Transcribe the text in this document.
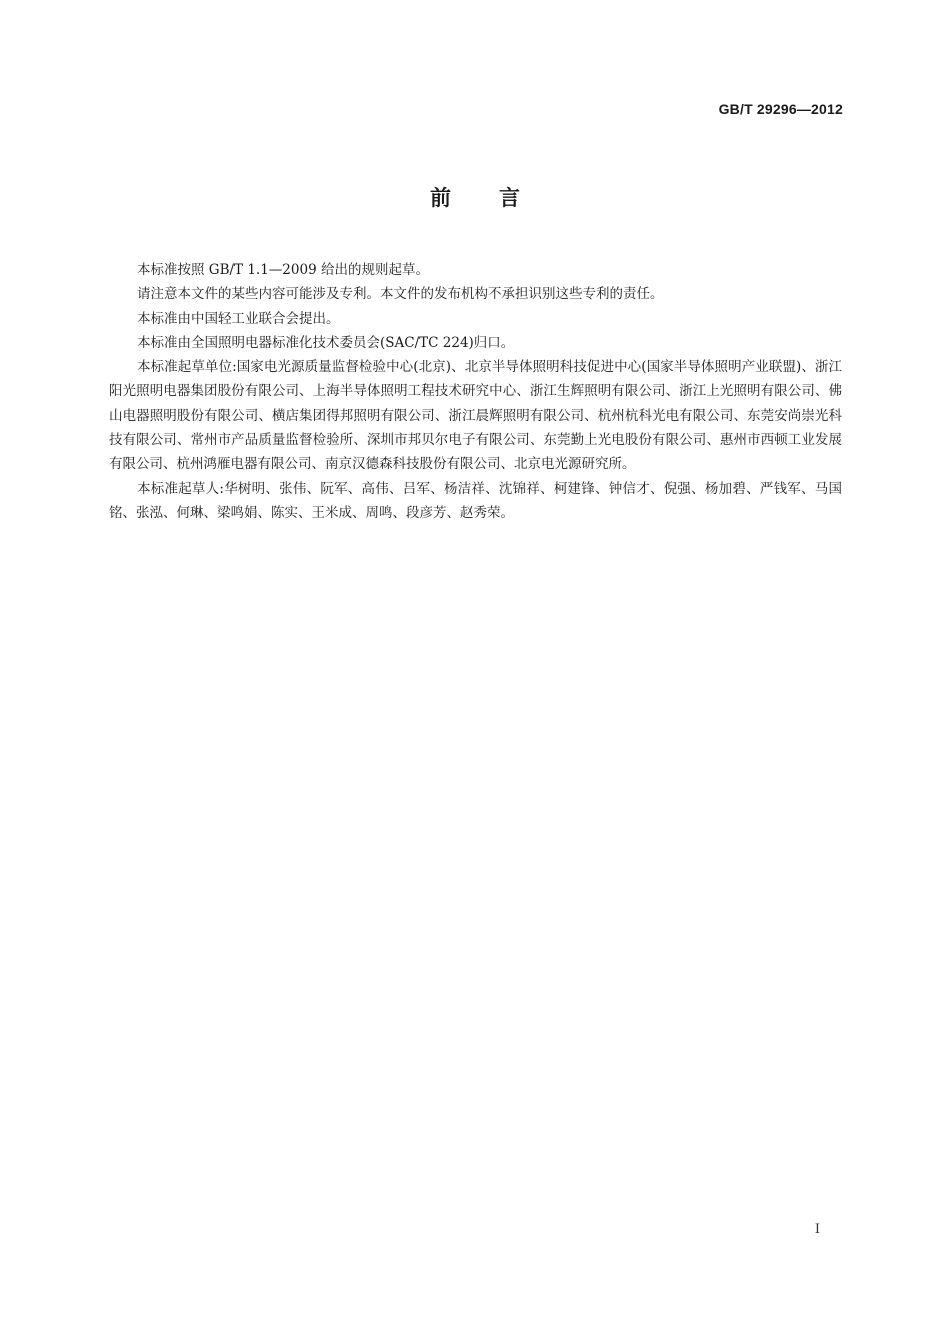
GB/T 29296—2012
前言

本标准按照 GB/T 1.1—2009 给出的规则起草。

请注意本文件的某些内容可能涉及专利。本文件的发布机构不承担识别这些专利的责任。

本标准由中国轻工业联合会提出。

本标准由全国照明电器标准化技术委员会(SAC/TC 224)归口。

本标准起草单位:国家电光源质量监督检验中心(北京)、北京半导体照明科技促进中心(国家半导体照明产业联盟)、浙江阳光照明电器集团股份有限公司、上海半导体照明工程技术研究中心、浙江生辉照明有限公司、浙江上光照明有限公司、佛山电器照明股份有限公司、横店集团得邦照明有限公司、浙江晨辉照明有限公司、杭州杭科光电有限公司、东莞安尚崇光科技有限公司、常州市产品质量监督检验所、深圳市邦贝尔电子有限公司、东莞勤上光电股份有限公司、惠州市西顿工业发展有限公司、杭州鸿雁电器有限公司、南京汉德森科技股份有限公司、北京电光源研究所。

本标准起草人:华树明、张伟、阮军、高伟、吕军、杨洁祥、沈锦祥、柯建锋、钟信才、倪强、杨加碧、严钱军、马国铭、张泓、何琳、梁鸣娟、陈实、王米成、周鸣、段彦芳、赵秀荣。

I
